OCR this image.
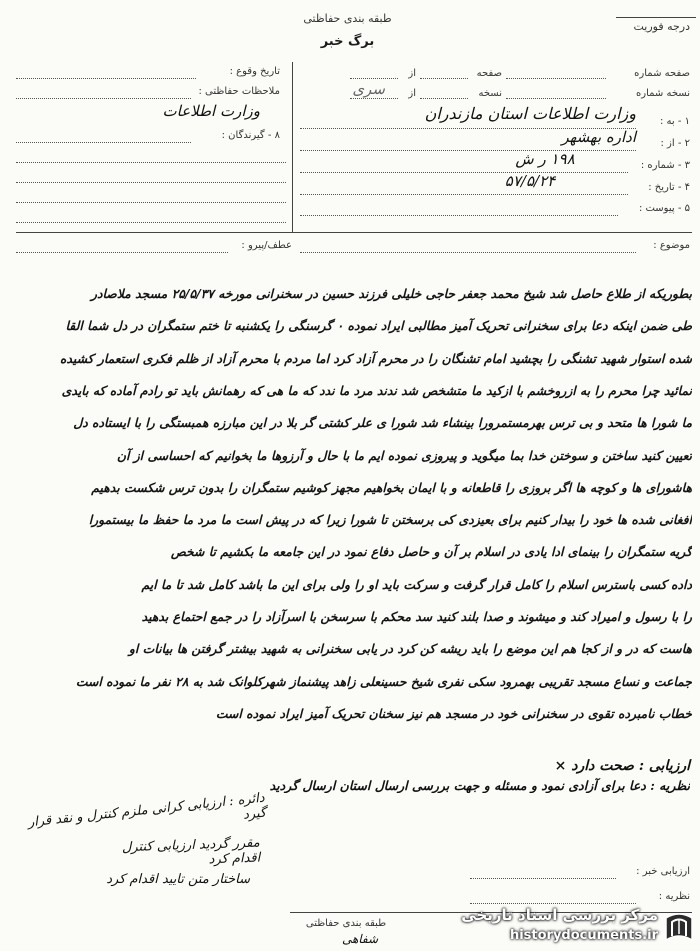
طبقه بندی حفاظتی
برگ خبر
درجه فوریت
سری
تاریخ وقوع :
ملاحظات حفاظتی :
وزارت اطلاعات
۸ - گیرندگان :
صفحه
از
نسخه
از
صفحه شماره
نسخه شماره
۱ - به :
وزارت اطلاعات استان مازندران
۲ - از :
اداره بهشهر
۳ - شماره :
۱۹۸ ر ش
۴ - تاریخ :
۵۷/۵/۲۴
۵ - پیوست :
موضوع :
عطف/پیرو :
بطوریکه از طلاع حاصل شد شیخ محمد جعفر حاجی خلیلی فرزند حسین در سخنرانی مورخه ۲۵/۵/۳۷ مسجد ملاصادر
طی ضمن اینکه دعا برای سخنرانی تحریک آمیز مطالبی ایراد نموده ۰ گرسنگی را یکشنبه تا ختم ستمگران در دل شما القا
شده استوار شهید تشنگی را بچشید امام تشنگان را در محرم آزاد کرد اما مردم با محرم آزاد از ظلم فکری استعمار کشیده
نمائید چرا محرم را به ازروخشم با ازکید ما متشخص شد ندند مرد ما ندد که ما هی که رهمانش باید تو رادم آماده که بایدی
ما شورا ها متحد و بی ترس بهرمستمرورا بینشاء شد شورا ی علر کشتی گر بلا در این مبارزه همبستگی را با ایستاده دل
تعیین کنید ساختن و سوختن خدا بما میگوید و پیروزی نموده ایم ما با حال و آرزوها ما بخوانیم که احساسی از آن
هاشورای ها و کوچه ها اگر بروزی را قاطعانه و با ایمان بخواهیم مجهز کوشیم ستمگران را بدون ترس شکست بدهیم
افغانی شده ها خود را بیدار کنیم برای بعیزدی کی برسختن تا شورا زیرا که در پیش است ما مرد ما حفظ ما بیستمورا
گریه ستمگران را بینمای ادا یادی در اسلام بر آن و حاصل دفاع نمود در این جامعه ما بکشیم تا شخص
داده کسی باسترس اسلام را کامل قرار گرفت و سرکت باید او را ولی برای این ما باشد کامل شد تا ما ایم
را با رسول و امیراد کند و میشوند و صدا بلند کنید سد محکم با سرسخن با اسرآزاد را در جمع احتماع بدهید
هاست که در و از کجا هم این موضع را باید ریشه کن کرد در یابی سخنرانی به شهید بیشتر گرفتن ها بیانات او
جماعت و نساع مسجد تقریبی بهمرود سکی نفری شیخ حسینعلی زاهد پیشنماز شهرکلوانک شد به ۲۸ نفر ما نموده است
خطاب نامبرده تقوی در سخنرانی خود در مسجد هم نیز سخنان تحریک آمیز ایراد نموده است
ارزیابی : صحت دارد ×
نظریه : دعا برای آزادی نمود و مسئله و جهت بررسی ارسال استان ارسال گردید
ارزیابی خبر :
نظریه :
دائره : ارزیابی کرانی ملزم کنترل و نقد قرار گیرد
مقرر گردید ارزیابی کنترل اقدام کرد
ساختار متن تایید اقدام کرد
طبقه بندی حفاظتی
شفاهی
مرکز بررسی اسناد تاریخی
historydocuments.ir
